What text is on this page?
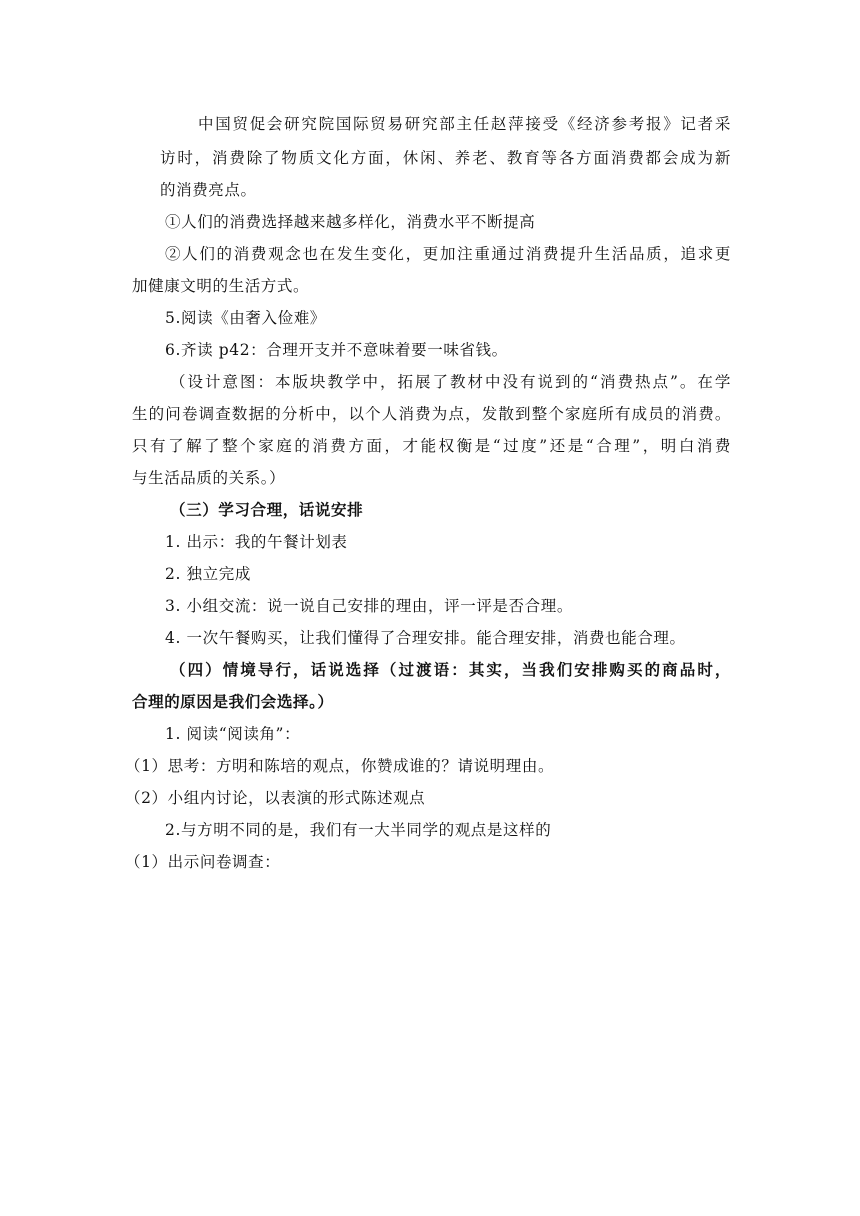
中国贸促会研究院国际贸易研究部主任赵萍接受《经济参考报》记者采
访时，消费除了物质文化方面，休闲、养老、教育等各方面消费都会成为新
的消费亮点。
①人们的消费选择越来越多样化，消费水平不断提高
②人们的消费观念也在发生变化，更加注重通过消费提升生活品质，追求更
加健康文明的生活方式。
5.阅读《由奢入俭难》
6.齐读 p42：合理开支并不意味着要一味省钱。
（设计意图：本版块教学中，拓展了教材中没有说到的“消费热点”。在学
生的问卷调查数据的分析中，以个人消费为点，发散到整个家庭所有成员的消费。
只有了解了整个家庭的消费方面，才能权衡是“过度”还是“合理”，明白消费
与生活品质的关系。）
（三）学习合理，话说安排
1. 出示：我的午餐计划表
2. 独立完成
3. 小组交流：说一说自己安排的理由，评一评是否合理。
4. 一次午餐购买，让我们懂得了合理安排。能合理安排，消费也能合理。
（四）情境导行，话说选择（过渡语：其实，当我们安排购买的商品时，
合理的原因是我们会选择。）
1. 阅读“阅读角”：
（1）思考：方明和陈培的观点，你赞成谁的？请说明理由。
（2）小组内讨论，以表演的形式陈述观点
2.与方明不同的是，我们有一大半同学的观点是这样的
（1）出示问卷调查：
